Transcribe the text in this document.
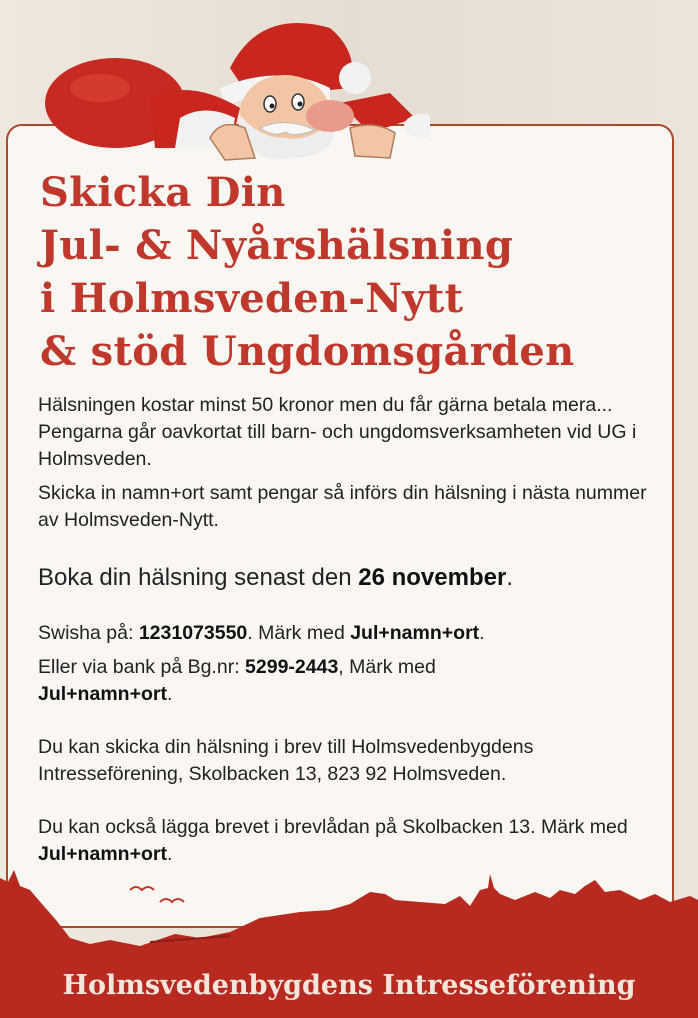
Skicka Din
Jul- & Nyårshälsning
i Holmsveden-Nytt
& stöd Ungdomsgården

Hälsningen kostar minst 50 kronor men du får gärna betala mera... Pengarna går oavkortat till barn- och ungdomsverksamheten vid UG i Holmsveden.

Skicka in namn+ort samt pengar så införs din hälsning i nästa nummer av Holmsveden-Nytt.

Boka din hälsning senast den 26 november.

Swisha på: 1231073550. Märk med Jul+namn+ort.

Eller via bank på Bg.nr: 5299-2443, Märk med
Jul+namn+ort.

Du kan skicka din hälsning i brev till Holmsvedenbygdens Intresseförening, Skolbacken 13, 823 92 Holmsveden.

Du kan också lägga brevet i brevlådan på Skolbacken 13. Märk med Jul+namn+ort.

Holmsvedenbygdens Intresseförening
